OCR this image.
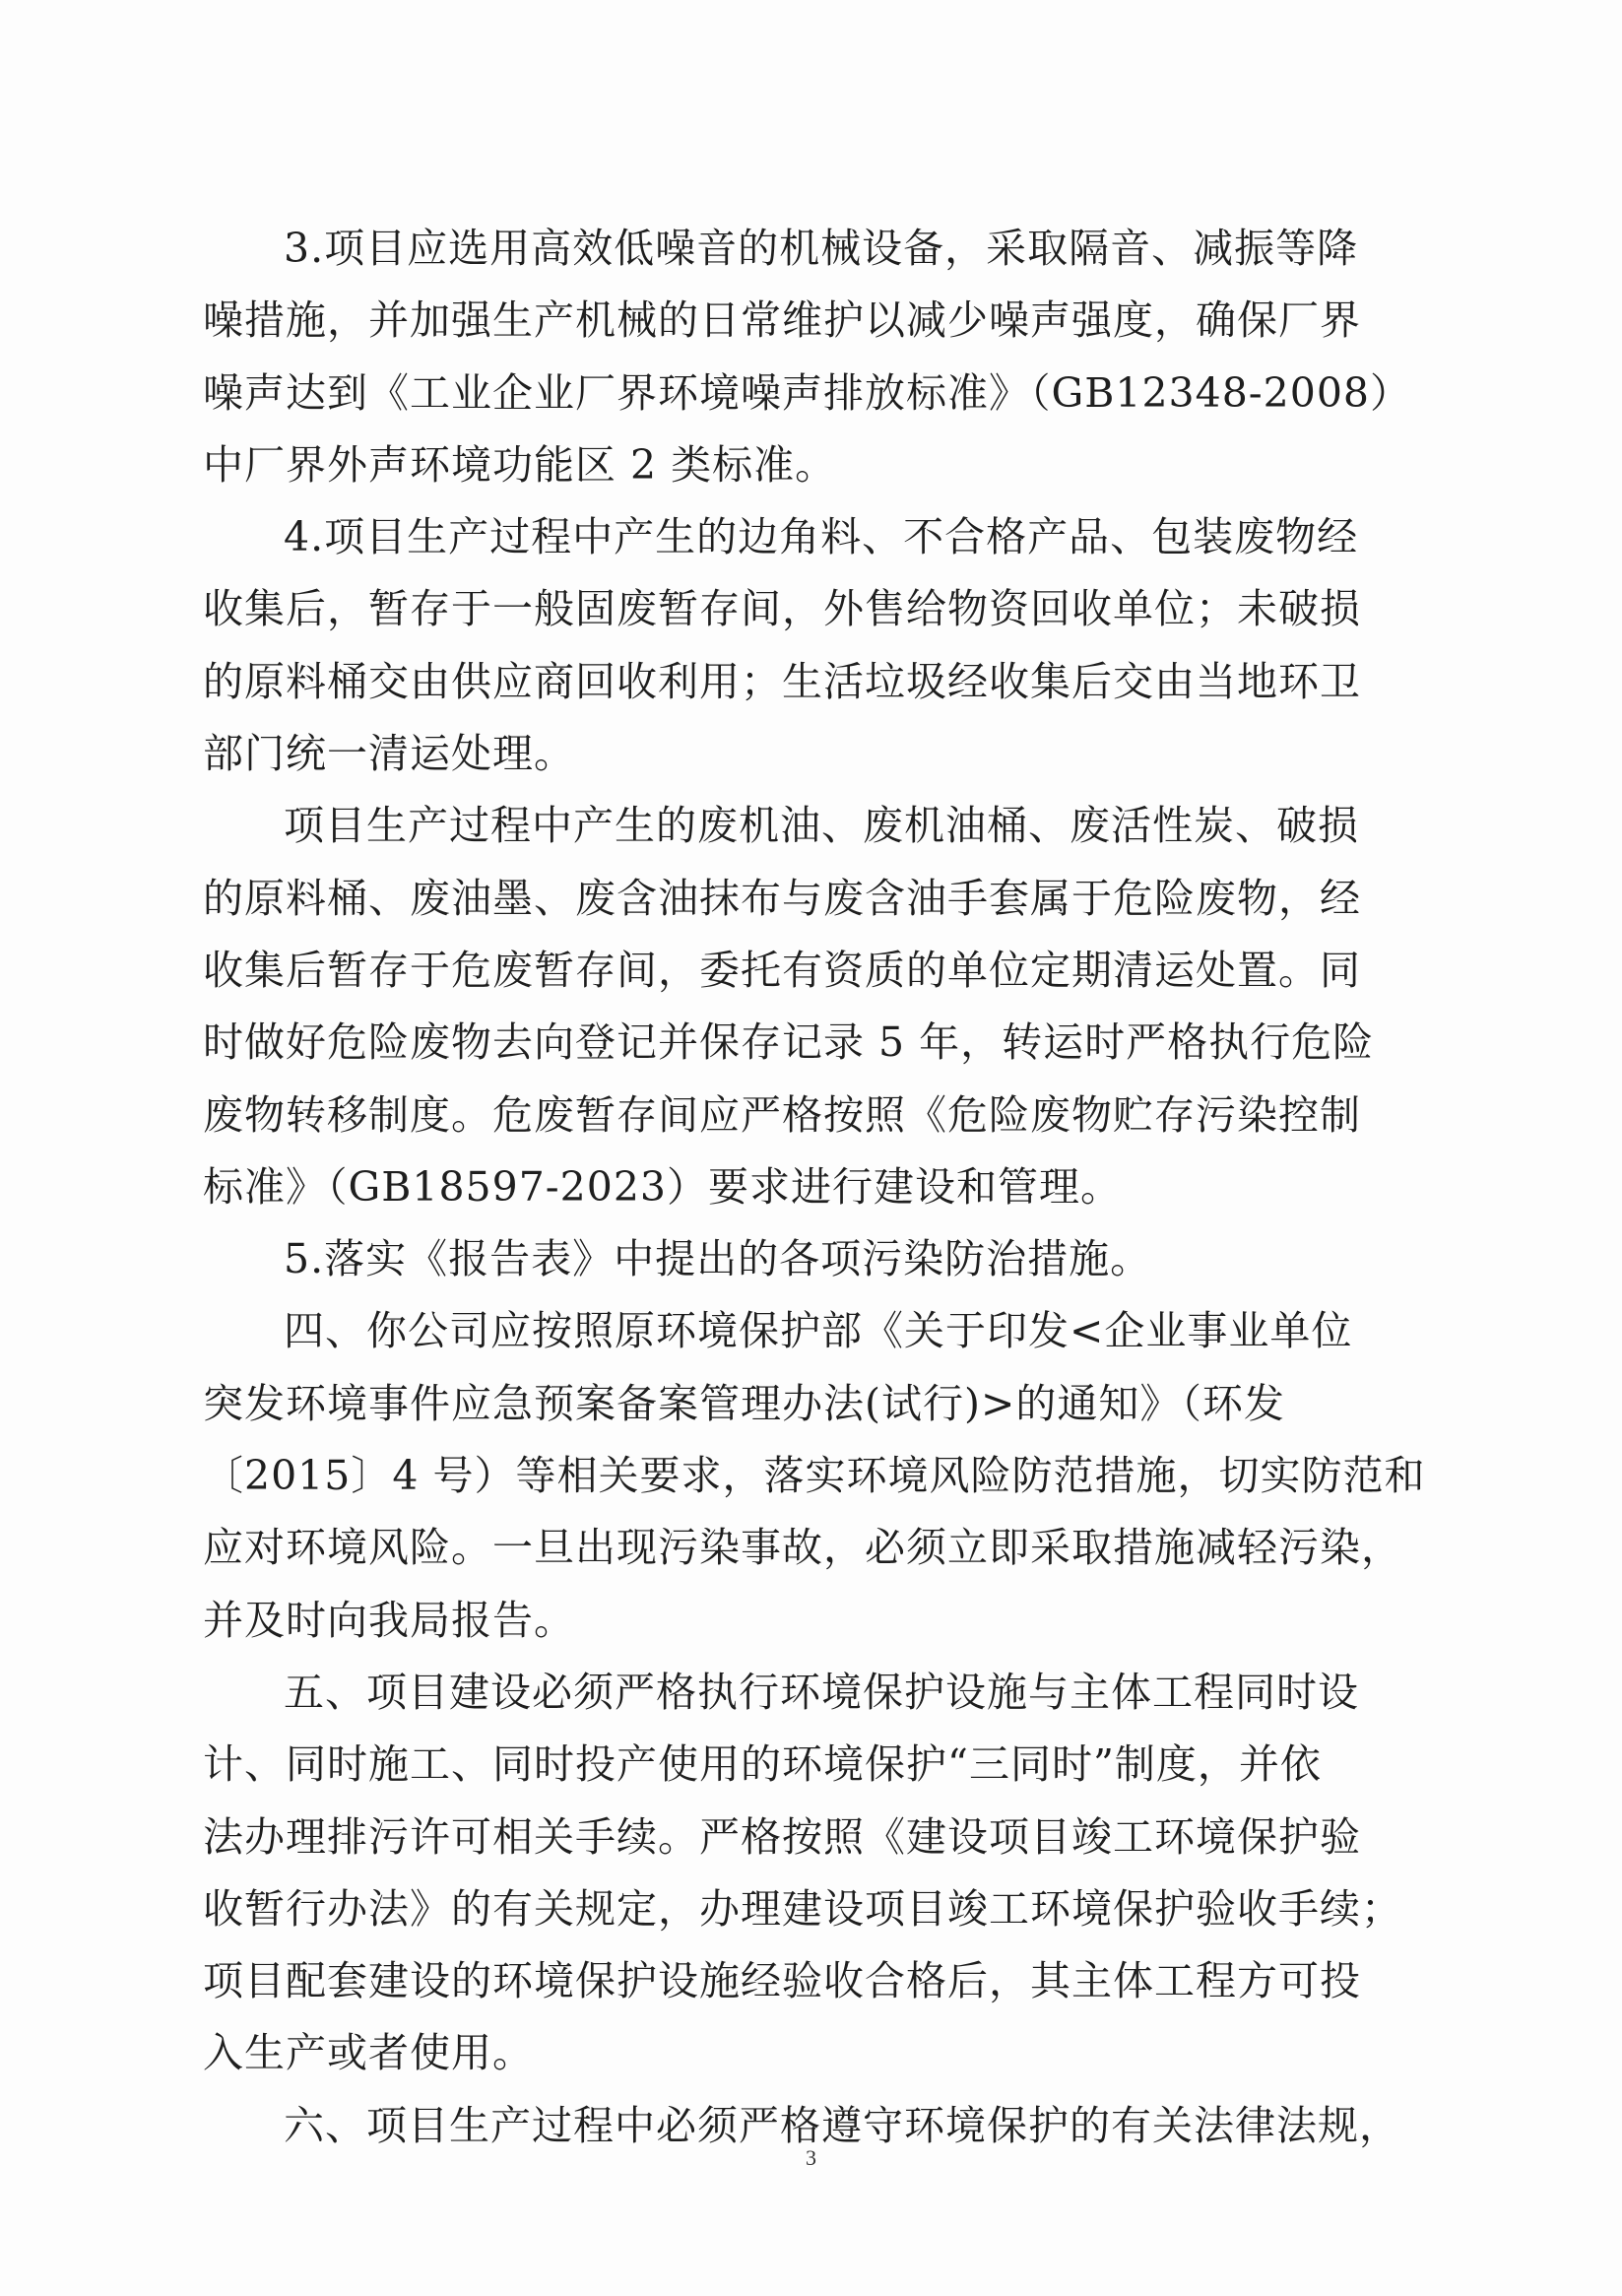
3.项目应选用高效低噪音的机械设备，采取隔音、减振等降
噪措施，并加强生产机械的日常维护以减少噪声强度，确保厂界
噪声达到《工业企业厂界环境噪声排放标准》（GB12348-2008）
中厂界外声环境功能区 2 类标准。
4.项目生产过程中产生的边角料、不合格产品、包装废物经
收集后，暂存于一般固废暂存间，外售给物资回收单位；未破损
的原料桶交由供应商回收利用；生活垃圾经收集后交由当地环卫
部门统一清运处理。
项目生产过程中产生的废机油、废机油桶、废活性炭、破损
的原料桶、废油墨、废含油抹布与废含油手套属于危险废物，经
收集后暂存于危废暂存间，委托有资质的单位定期清运处置。同
时做好危险废物去向登记并保存记录 5 年，转运时严格执行危险
废物转移制度。危废暂存间应严格按照《危险废物贮存污染控制
标准》（GB18597-2023）要求进行建设和管理。
5.落实《报告表》中提出的各项污染防治措施。
四、你公司应按照原环境保护部《关于印发<企业事业单位
突发环境事件应急预案备案管理办法(试行)>的通知》（环发
〔2015〕4 号）等相关要求，落实环境风险防范措施，切实防范和
应对环境风险。一旦出现污染事故，必须立即采取措施减轻污染，
并及时向我局报告。
五、项目建设必须严格执行环境保护设施与主体工程同时设
计、同时施工、同时投产使用的环境保护“三同时”制度，并依
法办理排污许可相关手续。严格按照《建设项目竣工环境保护验
收暂行办法》的有关规定，办理建设项目竣工环境保护验收手续；
项目配套建设的环境保护设施经验收合格后，其主体工程方可投
入生产或者使用。
六、项目生产过程中必须严格遵守环境保护的有关法律法规，
3
